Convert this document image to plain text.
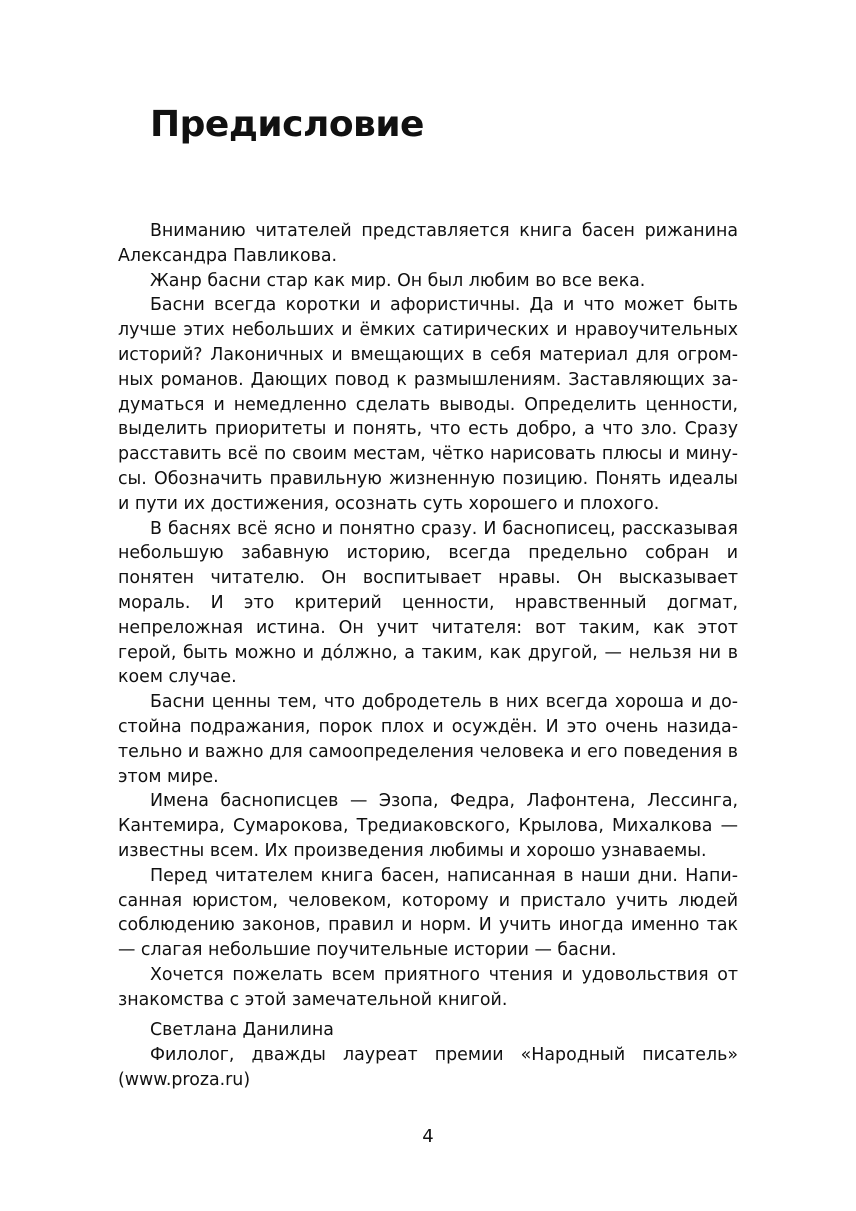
Предисловие

Вниманию читателей представляется книга басен рижанина Александра Павликова.

Жанр басни стар как мир. Он был любим во все века.

Басни всегда коротки и афористичны. Да и что может быть лучше этих небольших и ёмких сатирических и нравоучительных историй? Лаконичных и вмещающих в себя материал для огромных романов. Дающих повод к размышлениям. Заставляющих задуматься и немедленно сделать выводы. Определить ценности, выделить приоритеты и понять, что есть добро, а что зло. Сразу расставить всё по своим местам, чётко нарисовать плюсы и минусы. Обозначить правильную жизненную позицию. Понять идеалы и пути их достижения, осознать суть хорошего и плохого.

В баснях всё ясно и понятно сразу. И баснописец, рассказывая небольшую забавную историю, всегда предельно собран и понятен читателю. Он воспитывает нравы. Он высказывает мораль. И это критерий ценности, нравственный догмат, непреложная истина. Он учит читателя: вот таким, как этот герой, быть можно и до́лжно, а таким, как другой, — нельзя ни в коем случае.

Басни ценны тем, что добродетель в них всегда хороша и достойна подражания, порок плох и осуждён. И это очень назидательно и важно для самоопределения человека и его поведения в этом мире.

Имена баснописцев — Эзопа, Федра, Лафонтена, Лессинга, Кантемира, Сумарокова, Тредиаковского, Крылова, Михалкова — известны всем. Их произведения любимы и хорошо узнаваемы.

Перед читателем книга басен, написанная в наши дни. Написанная юристом, человеком, которому и пристало учить людей соблюдению законов, правил и норм. И учить иногда именно так — слагая небольшие поучительные истории — басни.

Хочется пожелать всем приятного чтения и удовольствия от знакомства с этой замечательной книгой.

Светлана Данилина

Филолог, дважды лауреат премии «Народный писатель» (www.proza.ru)

4
